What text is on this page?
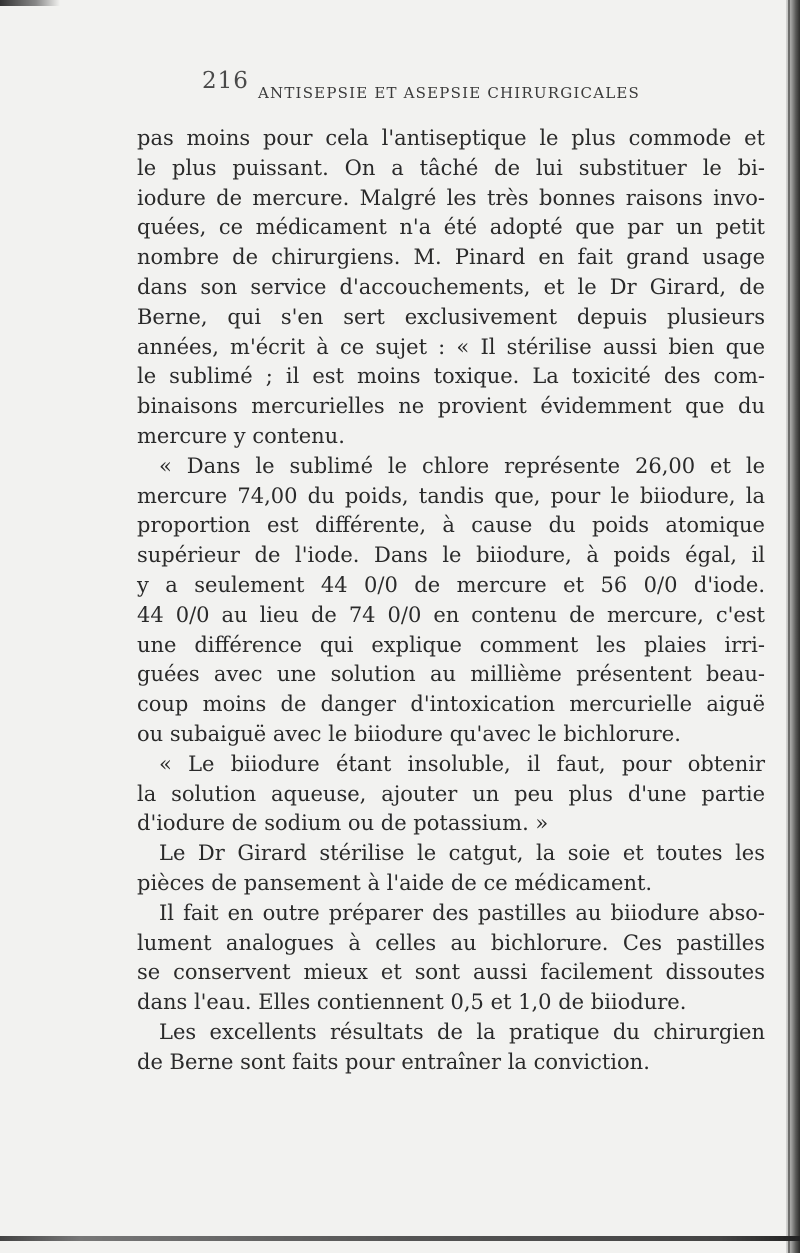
216 ANTISEPSIE ET ASEPSIE CHIRURGICALES
pas moins pour cela l'antiseptique le plus commode et
le plus puissant. On a tâché de lui substituer le bi-
iodure de mercure. Malgré les très bonnes raisons invo-
quées, ce médicament n'a été adopté que par un petit
nombre de chirurgiens. M. Pinard en fait grand usage
dans son service d'accouchements, et le Dr Girard, de
Berne, qui s'en sert exclusivement depuis plusieurs
années, m'écrit à ce sujet : « Il stérilise aussi bien que
le sublimé ; il est moins toxique. La toxicité des com-
binaisons mercurielles ne provient évidemment que du
mercure y contenu.
« Dans le sublimé le chlore représente 26,00 et le
mercure 74,00 du poids, tandis que, pour le biiodure, la
proportion est différente, à cause du poids atomique
supérieur de l'iode. Dans le biiodure, à poids égal, il
y a seulement 44 0/0 de mercure et 56 0/0 d'iode.
44 0/0 au lieu de 74 0/0 en contenu de mercure, c'est
une différence qui explique comment les plaies irri-
guées avec une solution au millième présentent beau-
coup moins de danger d'intoxication mercurielle aiguë
ou subaiguë avec le biiodure qu'avec le bichlorure.
« Le biiodure étant insoluble, il faut, pour obtenir
la solution aqueuse, ajouter un peu plus d'une partie
d'iodure de sodium ou de potassium. »
Le Dr Girard stérilise le catgut, la soie et toutes les
pièces de pansement à l'aide de ce médicament.
Il fait en outre préparer des pastilles au biiodure abso-
lument analogues à celles au bichlorure. Ces pastilles
se conservent mieux et sont aussi facilement dissoutes
dans l'eau. Elles contiennent 0,5 et 1,0 de biiodure.
Les excellents résultats de la pratique du chirurgien
de Berne sont faits pour entraîner la conviction.
